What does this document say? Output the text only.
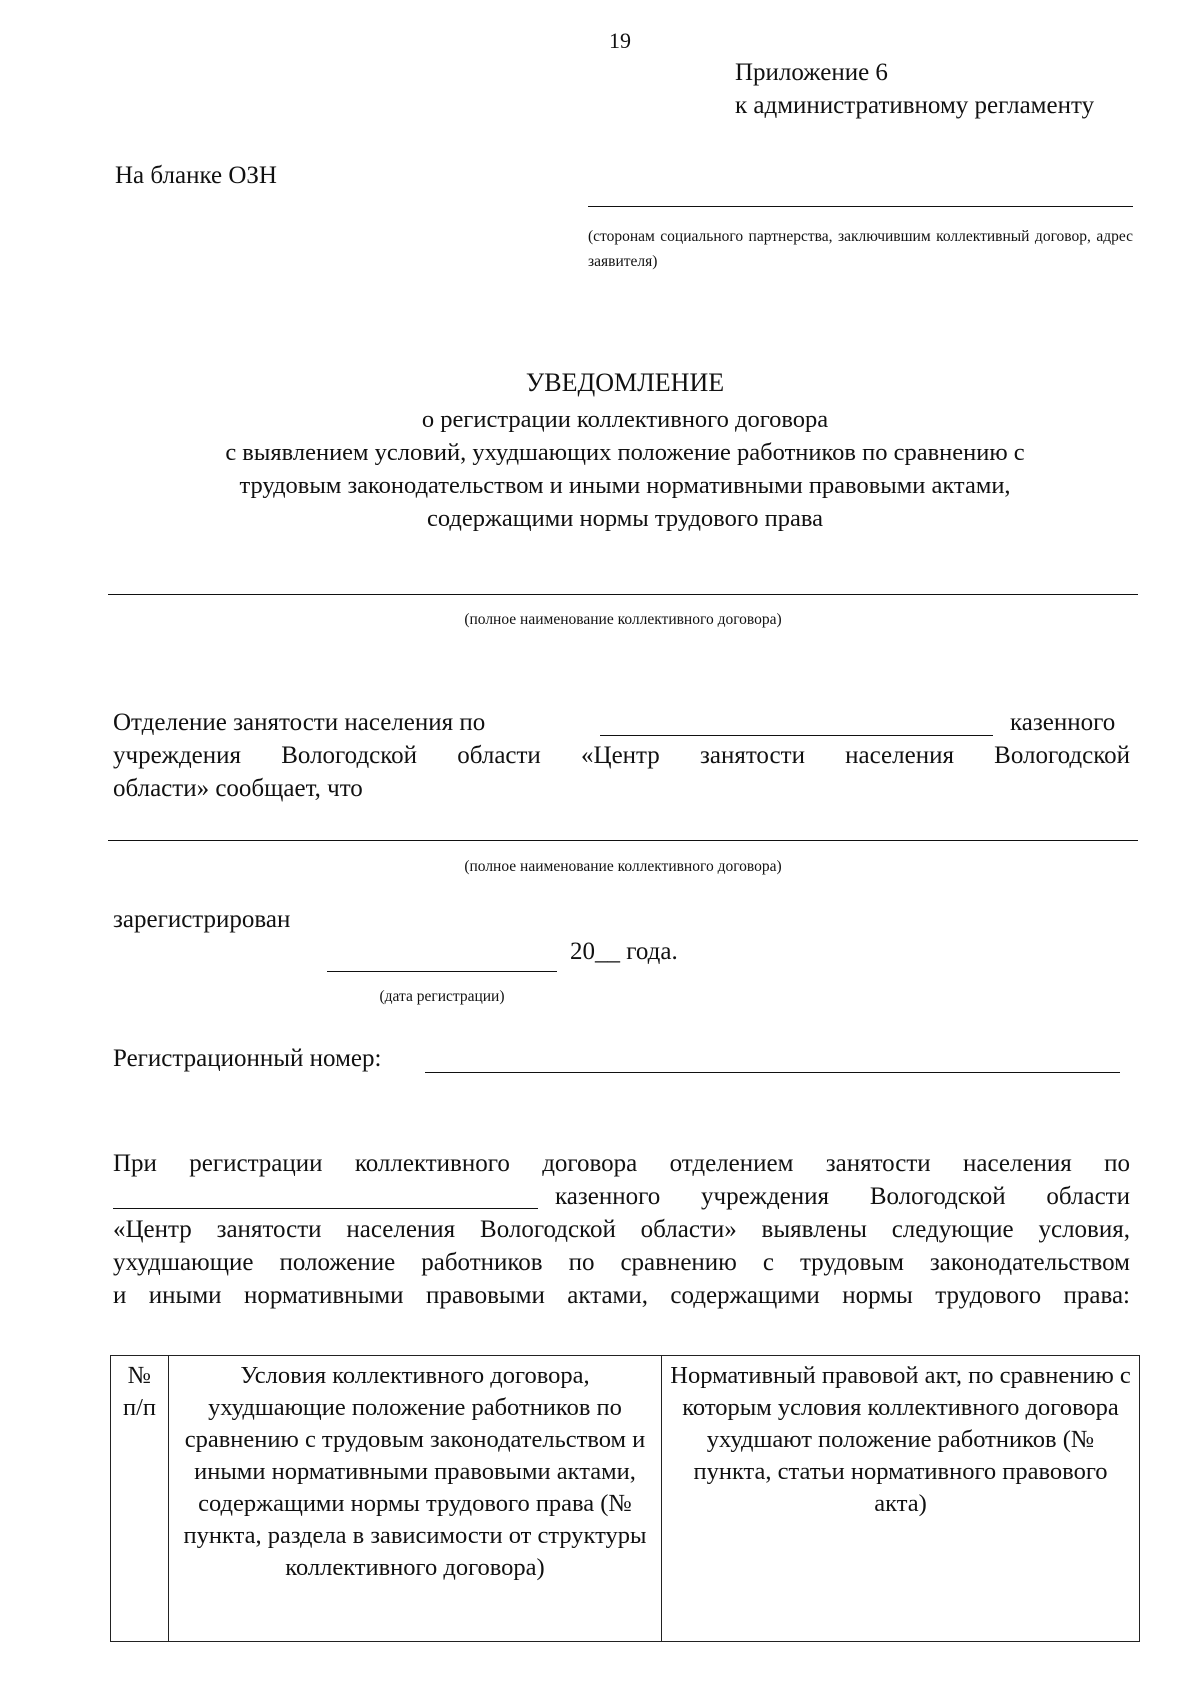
19
Приложение 6
к административному регламенту
На бланке ОЗН
(сторонам социального партнерства, заключившим коллективный договор, адрес заявителя)
УВЕДОМЛЕНИЕ
о регистрации коллективного договора
с выявлением условий, ухудшающих положение работников по сравнению с
трудовым законодательством и иными нормативными правовыми актами,
содержащими нормы трудового права
(полное наименование коллективного договора)
Отделение занятости населения по	казенного
учреждения Вологодской области «Центр занятости населения Вологодской
области» сообщает, что
(полное наименование коллективного договора)
зарегистрирован
20__ года.
(дата регистрации)
Регистрационный номер:
При регистрации коллективного договора отделением занятости населения по
казенного учреждения Вологодской области
«Центр занятости населения Вологодской области» выявлены следующие условия,
ухудшающие положение работников по сравнению с трудовым законодательством
и иными нормативными правовыми актами, содержащими нормы трудового права:
№ п/п	Условия коллективного договора, ухудшающие положение работников по сравнению с трудовым законодательством и иными нормативными правовыми актами, содержащими нормы трудового права (№ пункта, раздела в зависимости от структуры коллективного договора)	Нормативный правовой акт, по сравнению с которым условия коллективного договора ухудшают положение работников (№ пункта, статьи нормативного правового акта)
